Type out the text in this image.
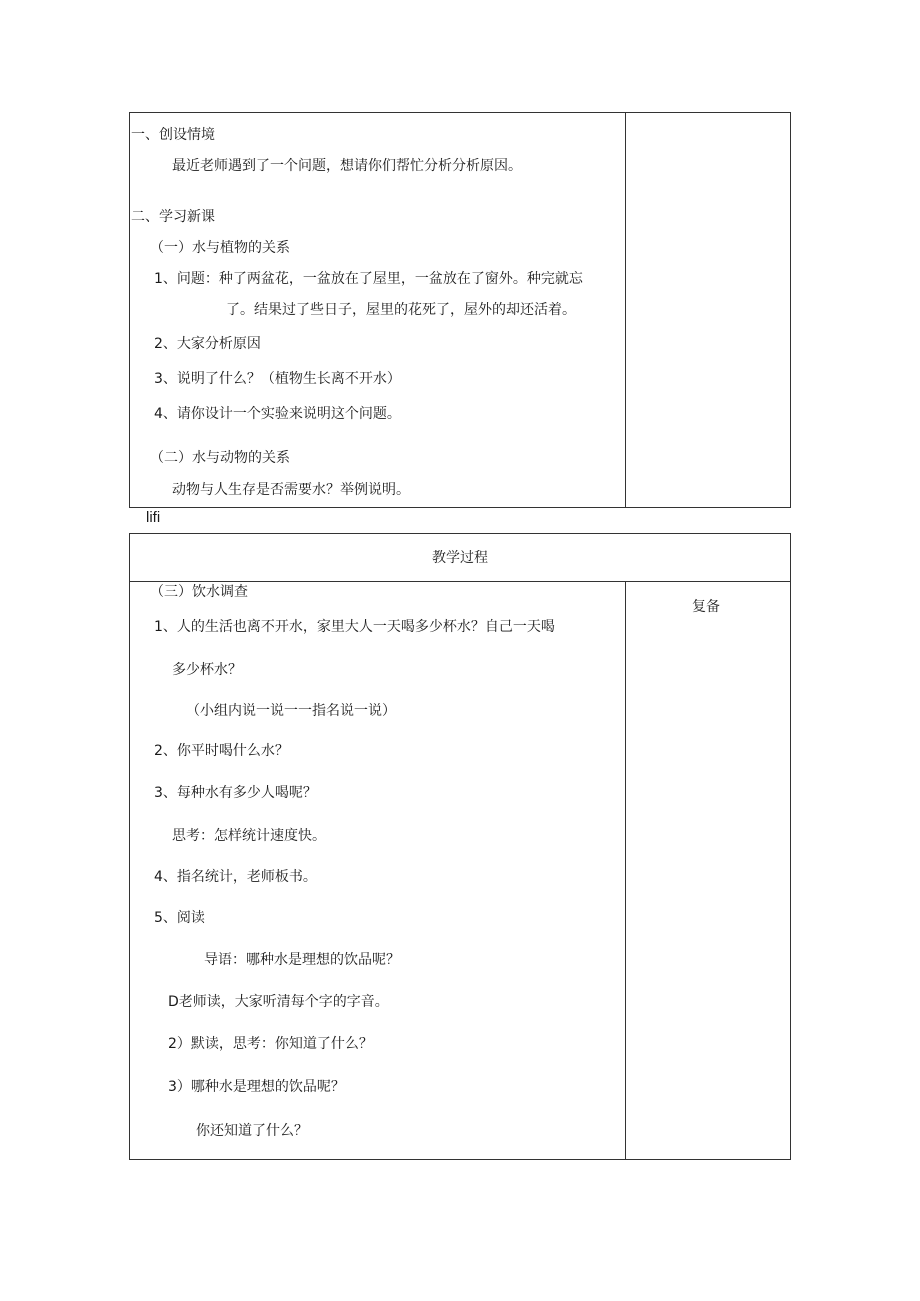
一、创设情境
最近老师遇到了一个问题，想请你们帮忙分析分析原因。
二、学习新课
（一）水与植物的关系
1、问题：种了两盆花，一盆放在了屋里，一盆放在了窗外。种完就忘
了。结果过了些日子，屋里的花死了，屋外的却还活着。
2、大家分析原因
3、说明了什么？（植物生长离不开水）
4、请你设计一个实验来说明这个问题。
（二）水与动物的关系
动物与人生存是否需要水？举例说明。
lifi
教学过程
复备
（三）饮水调查
1、人的生活也离不开水，家里大人一天喝多少杯水？自己一天喝
多少杯水？
（小组内说一说一一指名说一说）
2、你平时喝什么水？
3、每种水有多少人喝呢？
思考：怎样统计速度快。
4、指名统计，老师板书。
5、阅读
导语：哪种水是理想的饮品呢？
D老师读，大家听清每个字的字音。
2）默读，思考：你知道了什么？
3）哪种水是理想的饮品呢？
你还知道了什么？
